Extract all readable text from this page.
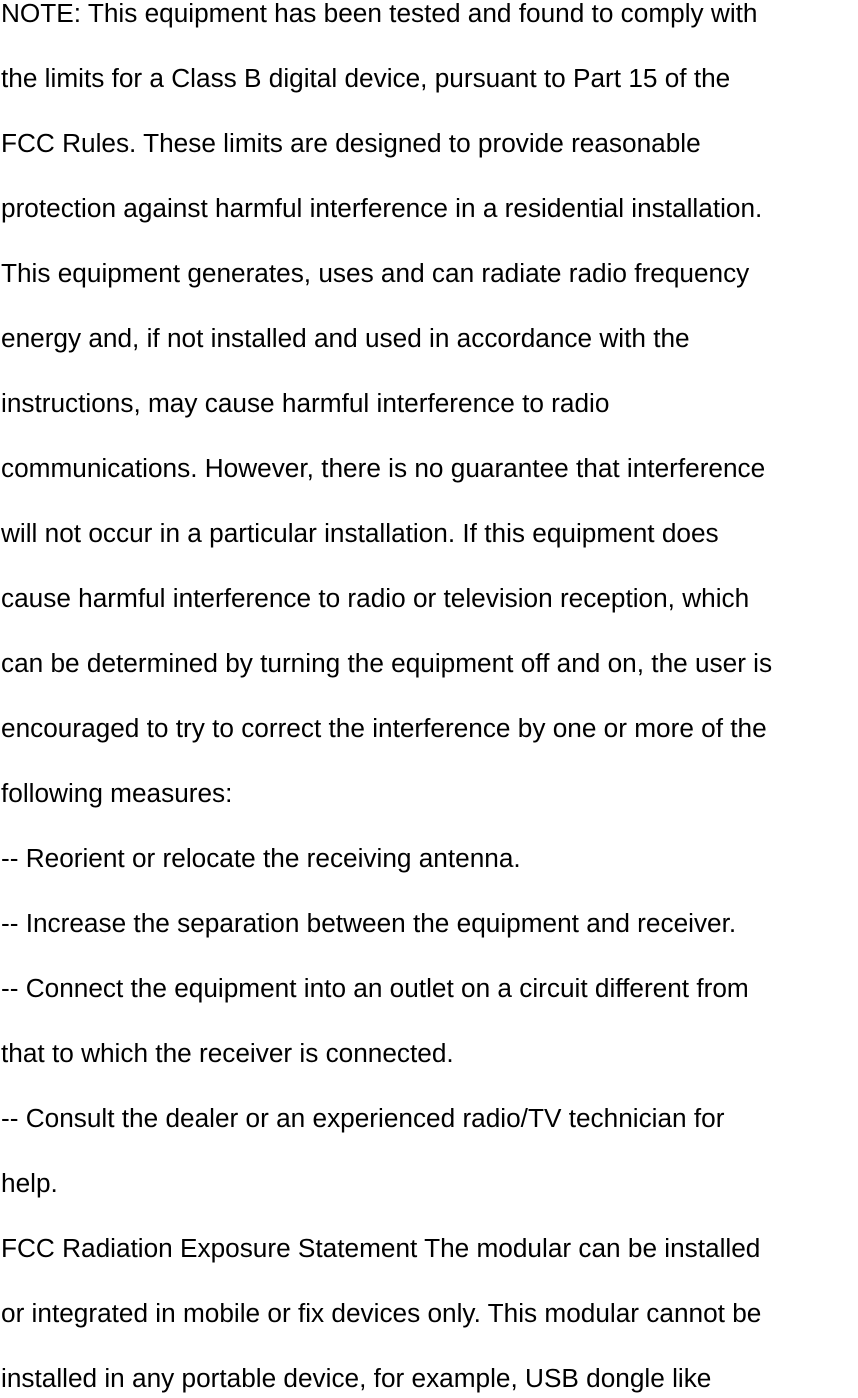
NOTE: This equipment has been tested and found to comply with

the limits for a Class B digital device, pursuant to Part 15 of the

FCC Rules. These limits are designed to provide reasonable

protection against harmful interference in a residential installation.

This equipment generates, uses and can radiate radio frequency

energy and, if not installed and used in accordance with the

instructions, may cause harmful interference to radio

communications. However, there is no guarantee that interference

will not occur in a particular installation. If this equipment does

cause harmful interference to radio or television reception, which

can be determined by turning the equipment off and on, the user is

encouraged to try to correct the interference by one or more of the

following measures:

-- Reorient or relocate the receiving antenna.

-- Increase the separation between the equipment and receiver.

-- Connect the equipment into an outlet on a circuit different from

that to which the receiver is connected.

-- Consult the dealer or an experienced radio/TV technician for

help.

FCC Radiation Exposure Statement The modular can be installed

or integrated in mobile or fix devices only. This modular cannot be

installed in any portable device, for example, USB dongle like
